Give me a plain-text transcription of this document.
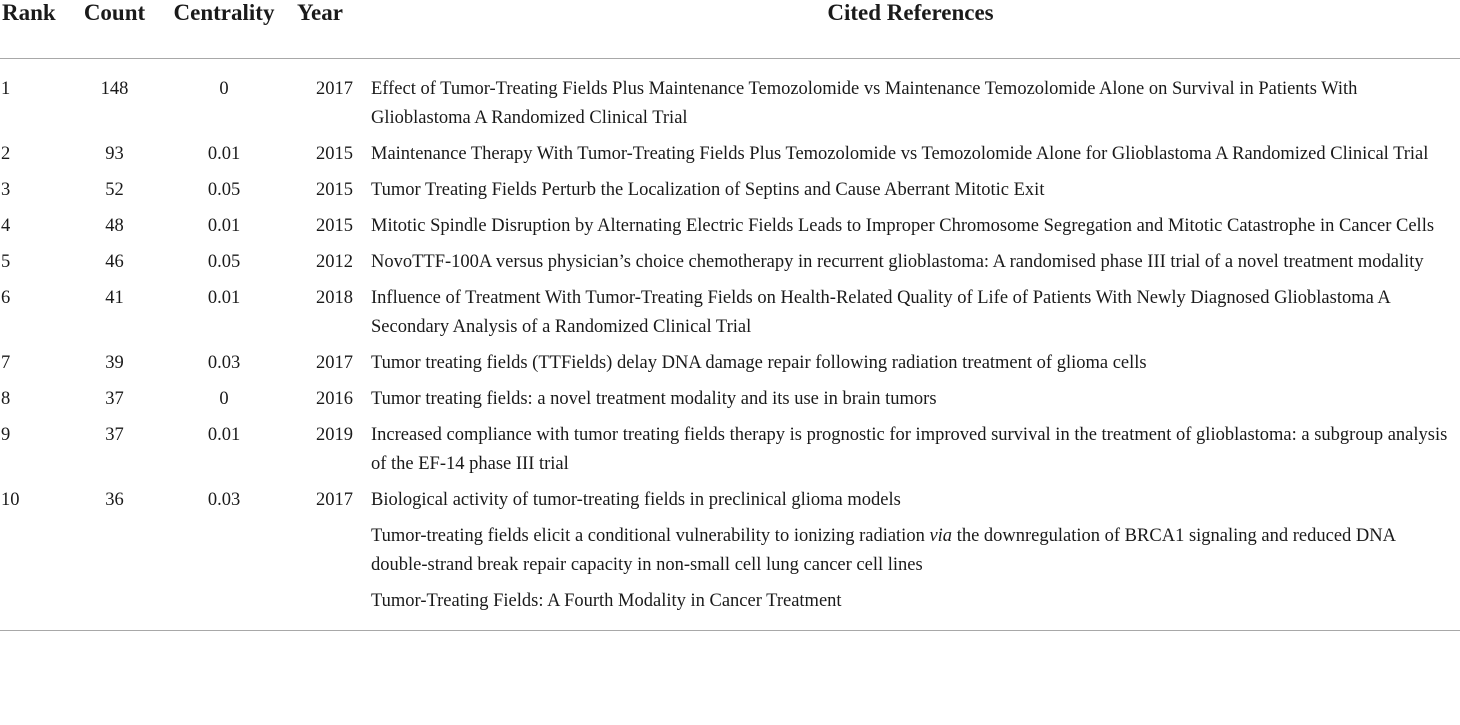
Rank	Count	Centrality	Year	Cited References
1	148	0	2017	Effect of Tumor-Treating Fields Plus Maintenance Temozolomide vs Maintenance Temozolomide Alone on Survival in Patients With Glioblastoma A Randomized Clinical Trial
2	93	0.01	2015	Maintenance Therapy With Tumor-Treating Fields Plus Temozolomide vs Temozolomide Alone for Glioblastoma A Randomized Clinical Trial
3	52	0.05	2015	Tumor Treating Fields Perturb the Localization of Septins and Cause Aberrant Mitotic Exit
4	48	0.01	2015	Mitotic Spindle Disruption by Alternating Electric Fields Leads to Improper Chromosome Segregation and Mitotic Catastrophe in Cancer Cells
5	46	0.05	2012	NovoTTF-100A versus physician’s choice chemotherapy in recurrent glioblastoma: A randomised phase III trial of a novel treatment modality
6	41	0.01	2018	Influence of Treatment With Tumor-Treating Fields on Health-Related Quality of Life of Patients With Newly Diagnosed Glioblastoma A Secondary Analysis of a Randomized Clinical Trial
7	39	0.03	2017	Tumor treating fields (TTFields) delay DNA damage repair following radiation treatment of glioma cells
8	37	0	2016	Tumor treating fields: a novel treatment modality and its use in brain tumors
9	37	0.01	2019	Increased compliance with tumor treating fields therapy is prognostic for improved survival in the treatment of glioblastoma: a subgroup analysis of the EF-14 phase III trial
10	36	0.03	2017	Biological activity of tumor-treating fields in preclinical glioma models
				Tumor-treating fields elicit a conditional vulnerability to ionizing radiation via the downregulation of BRCA1 signaling and reduced DNA double-strand break repair capacity in non-small cell lung cancer cell lines
				Tumor-Treating Fields: A Fourth Modality in Cancer Treatment
